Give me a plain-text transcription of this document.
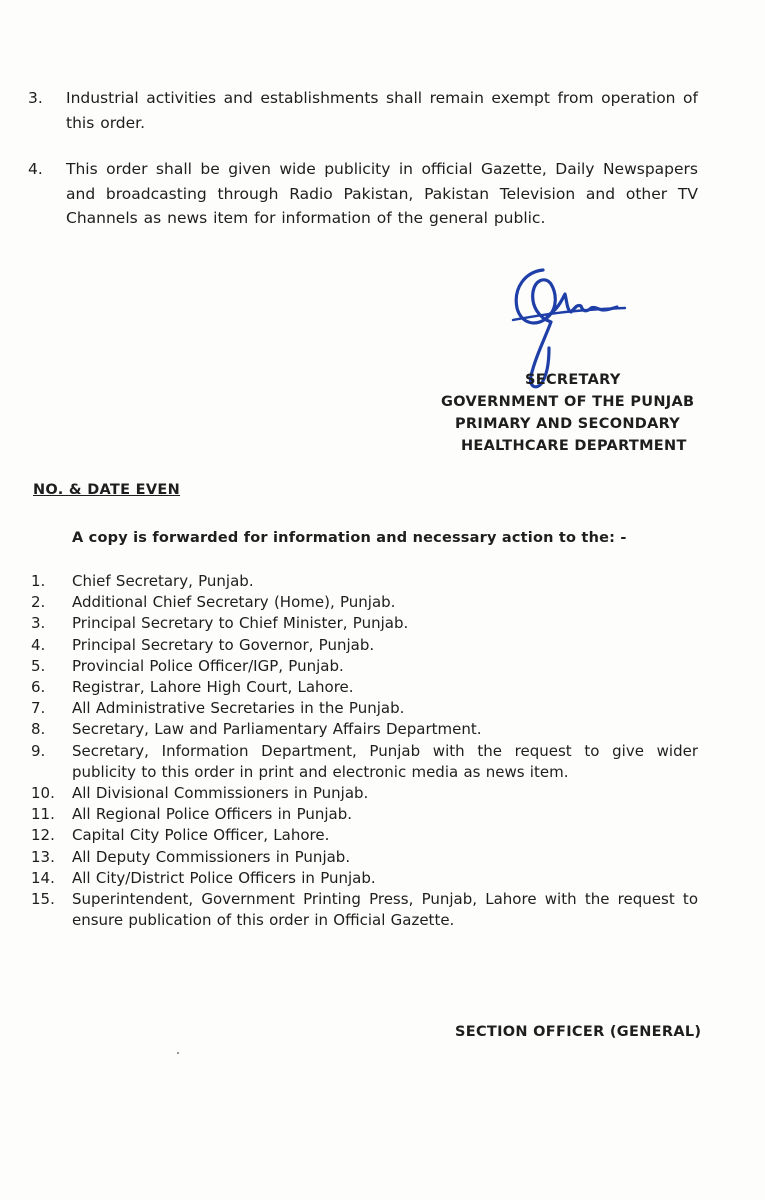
3.	Industrial activities and establishments shall remain exempt from operation of this order.
4.	This order shall be given wide publicity in official Gazette, Daily Newspapers and broadcasting through Radio Pakistan, Pakistan Television and other TV Channels as news item for information of the general public.
SECRETARY
GOVERNMENT OF THE PUNJAB
PRIMARY AND SECONDARY
HEALTHCARE DEPARTMENT
NO. & DATE EVEN
A copy is forwarded for information and necessary action to the: -
1. Chief Secretary, Punjab.
2. Additional Chief Secretary (Home), Punjab.
3. Principal Secretary to Chief Minister, Punjab.
4. Principal Secretary to Governor, Punjab.
5. Provincial Police Officer/IGP, Punjab.
6. Registrar, Lahore High Court, Lahore.
7. All Administrative Secretaries in the Punjab.
8. Secretary, Law and Parliamentary Affairs Department.
9. Secretary, Information Department, Punjab with the request to give wider publicity to this order in print and electronic media as news item.
10. All Divisional Commissioners in Punjab.
11. All Regional Police Officers in Punjab.
12. Capital City Police Officer, Lahore.
13. All Deputy Commissioners in Punjab.
14. All City/District Police Officers in Punjab.
15. Superintendent, Government Printing Press, Punjab, Lahore with the request to ensure publication of this order in Official Gazette.
SECTION OFFICER (GENERAL)
